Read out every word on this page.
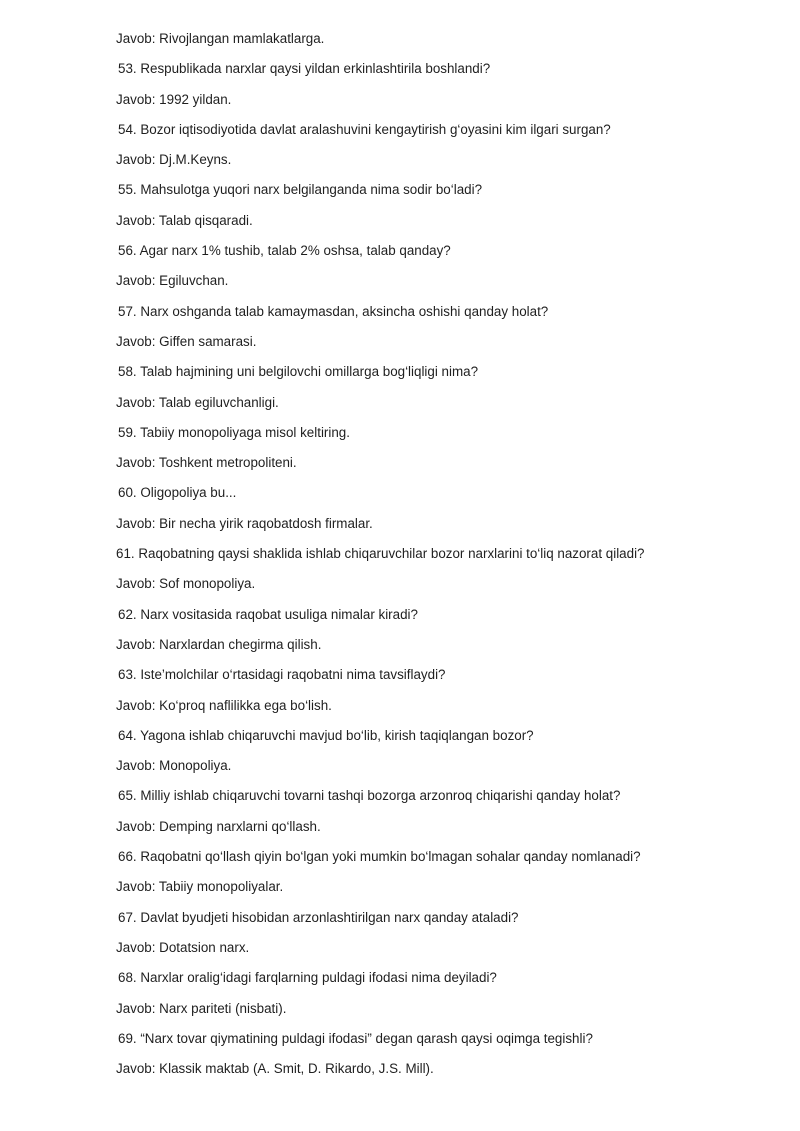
Javob: Rivojlangan mamlakatlarga.
53. Respublikada narxlar qaysi yildan erkinlashtirila boshlandi?
Javob: 1992 yildan.
54. Bozor iqtisodiyotida davlat aralashuvini kengaytirish g‘oyasini kim ilgari surgan?
Javob: Dj.M.Keyns.
55. Mahsulotga yuqori narx belgilanganda nima sodir bo‘ladi?
Javob: Talab qisqaradi.
56. Agar narx 1% tushib, talab 2% oshsa, talab qanday?
Javob: Egiluvchan.
57. Narx oshganda talab kamaymasdan, aksincha oshishi qanday holat?
Javob: Giffen samarasi.
58. Talab hajmining uni belgilovchi omillarga bog‘liqligi nima?
Javob: Talab egiluvchanligi.
59. Tabiiy monopoliyaga misol keltiring.
Javob: Toshkent metropoliteni.
60. Oligopoliya bu...
Javob: Bir necha yirik raqobatdosh firmalar.
61. Raqobatning qaysi shaklida ishlab chiqaruvchilar bozor narxlarini to‘liq nazorat qiladi?
Javob: Sof monopoliya.
62. Narx vositasida raqobat usuliga nimalar kiradi?
Javob: Narxlardan chegirma qilish.
63. Iste’molchilar o‘rtasidagi raqobatni nima tavsiflaydi?
Javob: Ko‘proq naflilikka ega bo‘lish.
64. Yagona ishlab chiqaruvchi mavjud bo‘lib, kirish taqiqlangan bozor?
Javob: Monopoliya.
65. Milliy ishlab chiqaruvchi tovarni tashqi bozorga arzonroq chiqarishi qanday holat?
Javob: Demping narxlarni qo‘llash.
66. Raqobatni qo‘llash qiyin bo‘lgan yoki mumkin bo‘lmagan sohalar qanday nomlanadi?
Javob: Tabiiy monopoliyalar.
67. Davlat byudjeti hisobidan arzonlashtirilgan narx qanday ataladi?
Javob: Dotatsion narx.
68. Narxlar oralig‘idagi farqlarning puldagi ifodasi nima deyiladi?
Javob: Narx pariteti (nisbati).
69. “Narx tovar qiymatining puldagi ifodasi” degan qarash qaysi oqimga tegishli?
Javob: Klassik maktab (A. Smit, D. Rikardo, J.S. Mill).
